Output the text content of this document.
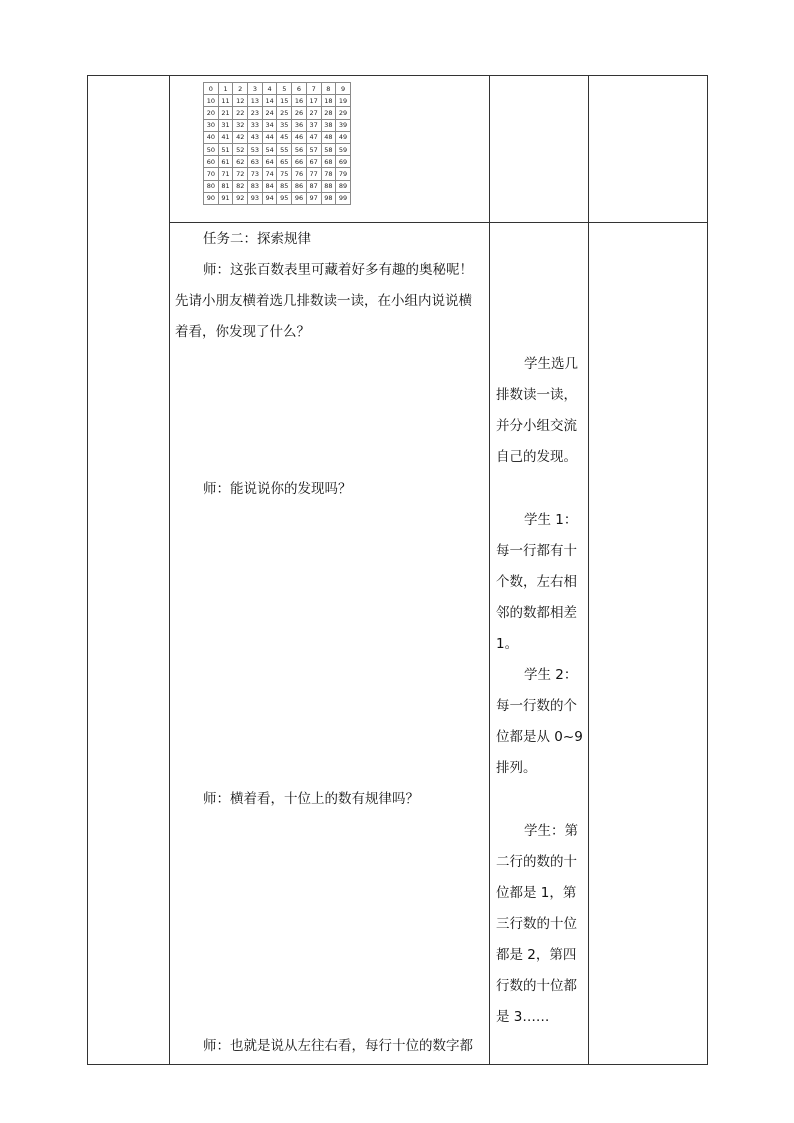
0	1	2	3	4	5	6	7	8	9
10	11	12	13	14	15	16	17	18	19
20	21	22	23	24	25	26	27	28	29
30	31	32	33	34	35	36	37	38	39
40	41	42	43	44	45	46	47	48	49
50	51	52	53	54	55	56	57	58	59
60	61	62	63	64	65	66	67	68	69
70	71	72	73	74	75	76	77	78	79
80	81	82	83	84	85	86	87	88	89
90	91	92	93	94	95	96	97	98	99
任务二：探索规律
师：这张百数表里可藏着好多有趣的奥秘呢！
先请小朋友横着选几排数读一读，在小组内说说横
着看，你发现了什么？
师：能说说你的发现吗？
师：横着看，十位上的数有规律吗？
师：也就是说从左往右看，每行十位的数字都
学生选几
排数读一读，
并分小组交流
自己的发现。
学生 1：
每一行都有十
个数，左右相
邻的数都相差
1。
学生 2：
每一行数的个
位都是从 0~9
排列。
学生：第
二行的数的十
位都是 1，第
三行数的十位
都是 2，第四
行数的十位都
是 3……
